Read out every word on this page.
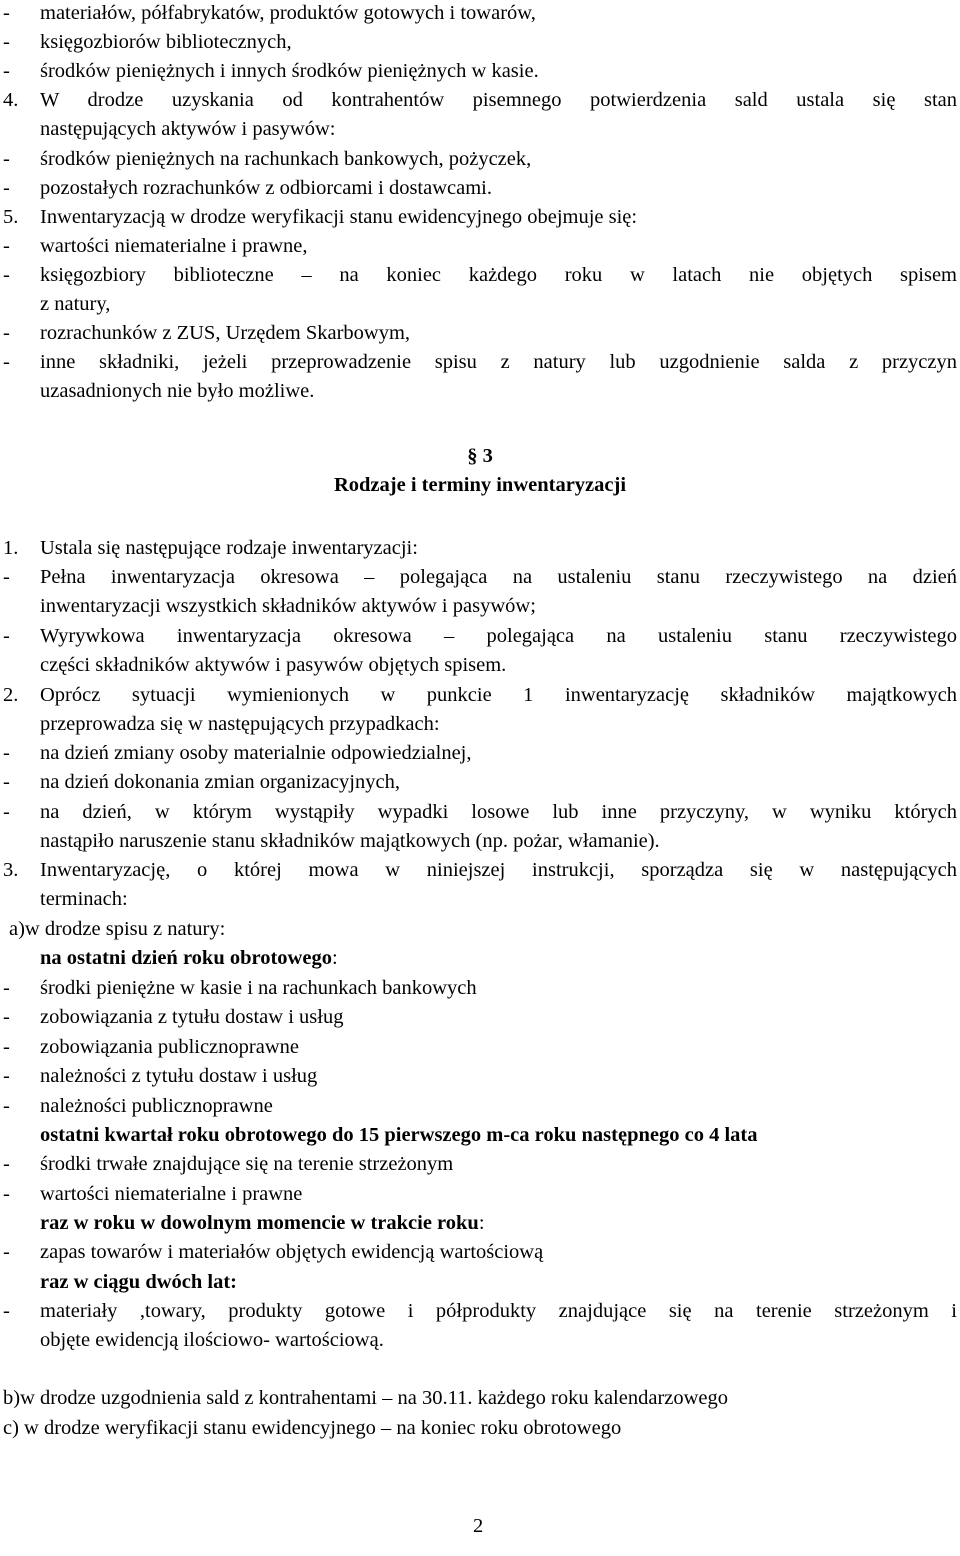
- materiałów, półfabrykatów, produktów gotowych i towarów,
- księgozbiorów bibliotecznych,
- środków pieniężnych i innych środków pieniężnych w kasie.
4. W drodze uzyskania od kontrahentów pisemnego potwierdzenia sald ustala się stan
następujących aktywów i pasywów:
- środków pieniężnych na rachunkach bankowych, pożyczek,
- pozostałych rozrachunków z odbiorcami i dostawcami.
5. Inwentaryzacją w drodze weryfikacji stanu ewidencyjnego obejmuje się:
- wartości niematerialne i prawne,
- księgozbiory biblioteczne – na koniec każdego roku w latach nie objętych spisem
z natury,
- rozrachunków z ZUS, Urzędem Skarbowym,
- inne składniki, jeżeli przeprowadzenie spisu z natury lub uzgodnienie salda z przyczyn
uzasadnionych nie było możliwe.
§ 3
Rodzaje i terminy inwentaryzacji
1. Ustala się następujące rodzaje inwentaryzacji:
- Pełna inwentaryzacja okresowa – polegająca na ustaleniu stanu rzeczywistego na dzień
inwentaryzacji wszystkich składników aktywów i pasywów;
- Wyrywkowa inwentaryzacja okresowa – polegająca na ustaleniu stanu rzeczywistego
części składników aktywów i pasywów objętych spisem.
2. Oprócz sytuacji wymienionych w punkcie 1 inwentaryzację składników majątkowych
przeprowadza się w następujących przypadkach:
- na dzień zmiany osoby materialnie odpowiedzialnej,
- na dzień dokonania zmian organizacyjnych,
- na dzień, w którym wystąpiły wypadki losowe lub inne przyczyny, w wyniku których
nastąpiło naruszenie stanu składników majątkowych (np. pożar, włamanie).
3. Inwentaryzację, o której mowa w niniejszej instrukcji, sporządza się w następujących
terminach:
a)w drodze spisu z natury:
na ostatni dzień roku obrotowego:
- środki pieniężne w kasie i na rachunkach bankowych
- zobowiązania z tytułu dostaw i usług
- zobowiązania publicznoprawne
- należności z tytułu dostaw i usług
- należności publicznoprawne
ostatni kwartał roku obrotowego do 15 pierwszego m-ca roku następnego co 4 lata
- środki trwałe znajdujące się na terenie strzeżonym
- wartości niematerialne i prawne
raz w roku w dowolnym momencie w trakcie roku:
- zapas towarów i materiałów objętych ewidencją wartościową
raz w ciągu dwóch lat:
- materiały ,towary, produkty gotowe i półprodukty znajdujące się na terenie strzeżonym i
objęte ewidencją ilościowo- wartościową.
b)w drodze uzgodnienia sald z kontrahentami – na 30.11. każdego roku kalendarzowego
c) w drodze weryfikacji stanu ewidencyjnego – na koniec roku obrotowego
2
